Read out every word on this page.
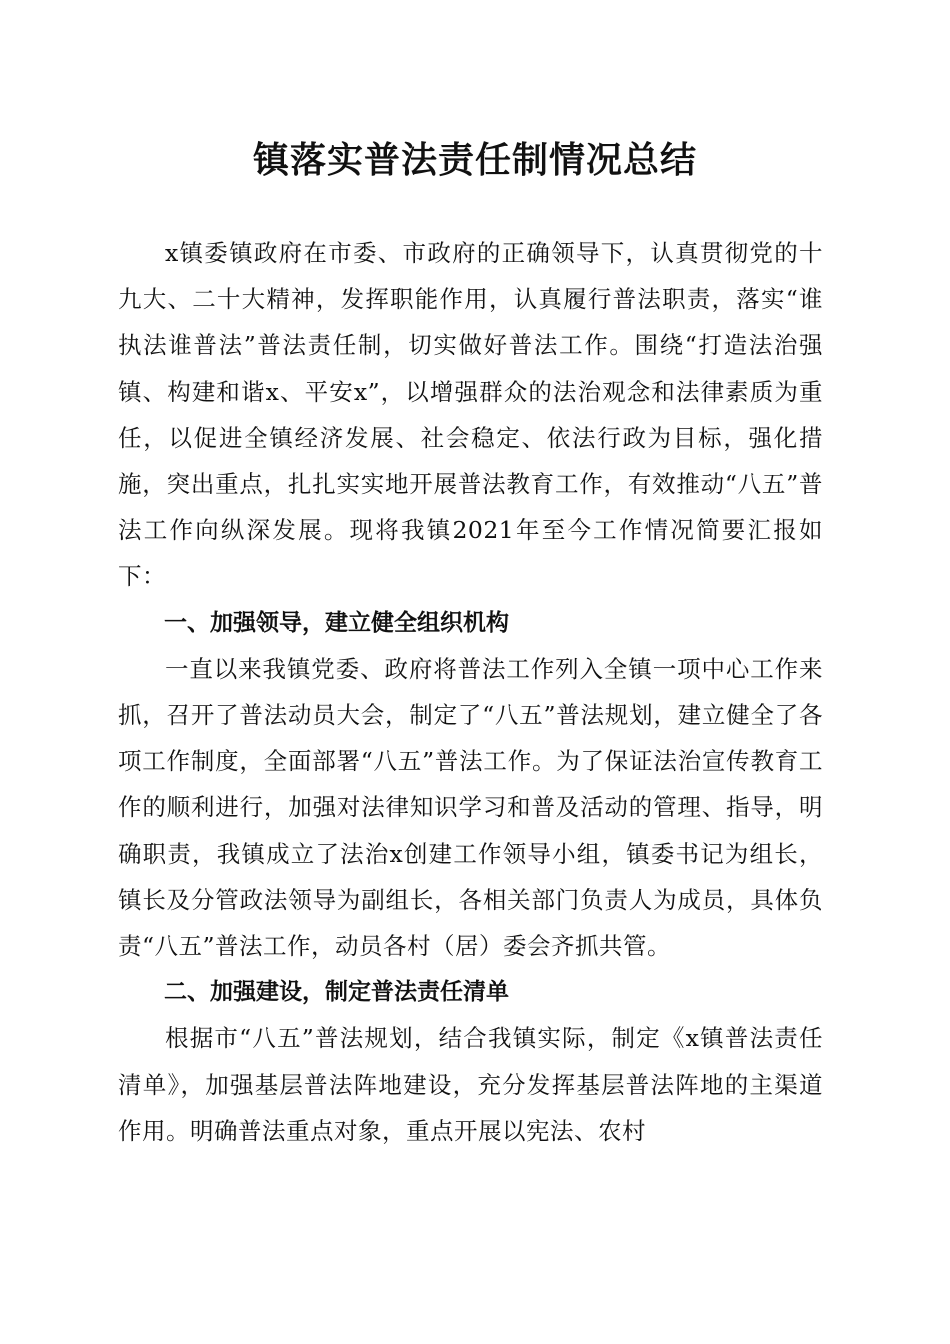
镇落实普法责任制情况总结

x镇委镇政府在市委、市政府的正确领导下，认真贯彻党的十九大、二十大精神，发挥职能作用，认真履行普法职责，落实“谁执法谁普法”普法责任制，切实做好普法工作。围绕“打造法治强镇、构建和谐x、平安x”，以增强群众的法治观念和法律素质为重任，以促进全镇经济发展、社会稳定、依法行政为目标，强化措施，突出重点，扎扎实实地开展普法教育工作，有效推动“八五”普法工作向纵深发展。现将我镇2021年至今工作情况简要汇报如下：

一、加强领导，建立健全组织机构

一直以来我镇党委、政府将普法工作列入全镇一项中心工作来抓，召开了普法动员大会，制定了“八五”普法规划，建立健全了各项工作制度，全面部署“八五”普法工作。为了保证法治宣传教育工作的顺利进行，加强对法律知识学习和普及活动的管理、指导，明确职责，我镇成立了法治x创建工作领导小组，镇委书记为组长，镇长及分管政法领导为副组长，各相关部门负责人为成员，具体负责“八五”普法工作，动员各村（居）委会齐抓共管。

二、加强建设，制定普法责任清单

根据市“八五”普法规划，结合我镇实际，制定《x镇普法责任清单》，加强基层普法阵地建设，充分发挥基层普法阵地的主渠道作用。明确普法重点对象，重点开展以宪法、农村
